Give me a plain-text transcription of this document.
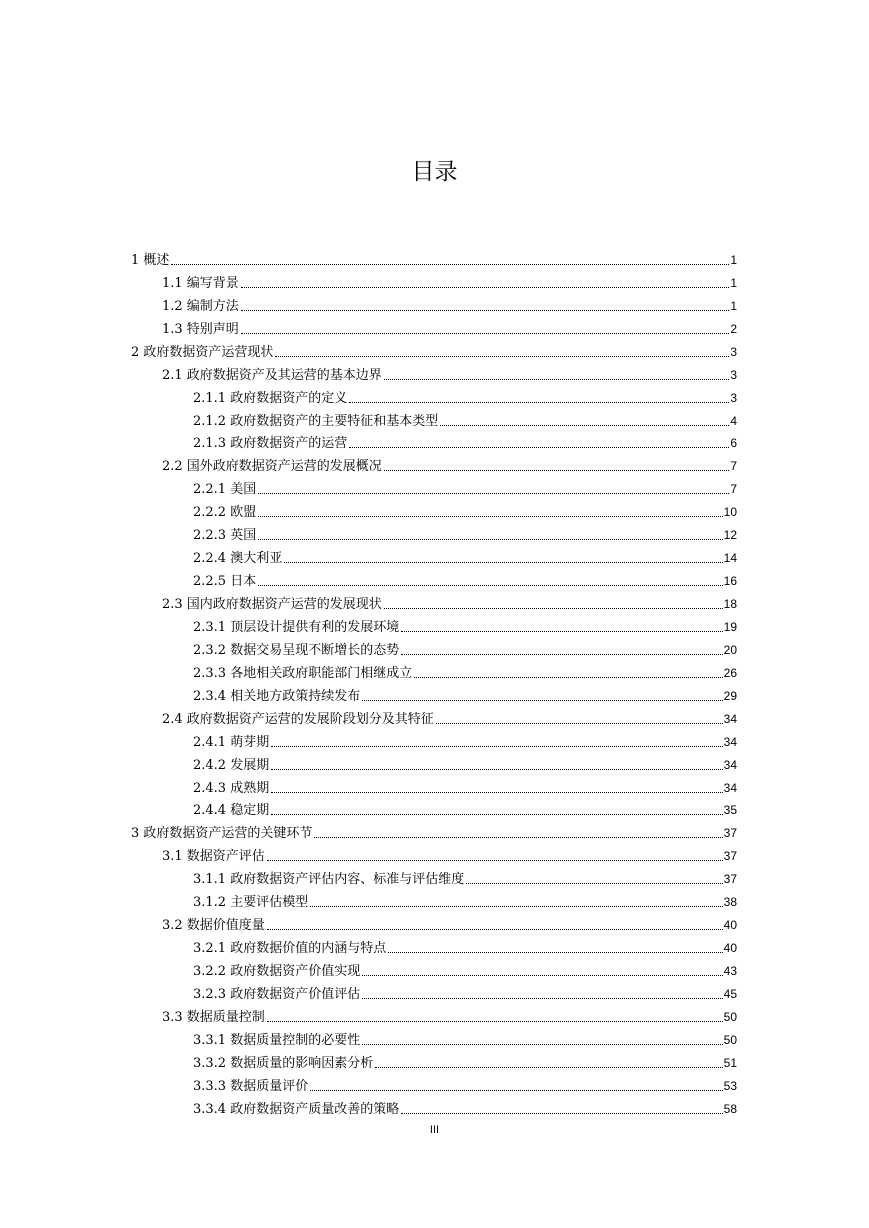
目录
1 概述	1
1.1 编写背景	1
1.2 编制方法	1
1.3 特别声明	2
2 政府数据资产运营现状	3
2.1 政府数据资产及其运营的基本边界	3
2.1.1 政府数据资产的定义	3
2.1.2 政府数据资产的主要特征和基本类型	4
2.1.3 政府数据资产的运营	6
2.2 国外政府数据资产运营的发展概况	7
2.2.1 美国	7
2.2.2 欧盟	10
2.2.3 英国	12
2.2.4 澳大利亚	14
2.2.5 日本	16
2.3 国内政府数据资产运营的发展现状	18
2.3.1 顶层设计提供有利的发展环境	19
2.3.2 数据交易呈现不断增长的态势	20
2.3.3 各地相关政府职能部门相继成立	26
2.3.4 相关地方政策持续发布	29
2.4 政府数据资产运营的发展阶段划分及其特征	34
2.4.1 萌芽期	34
2.4.2 发展期	34
2.4.3 成熟期	34
2.4.4 稳定期	35
3 政府数据资产运营的关键环节	37
3.1 数据资产评估	37
3.1.1 政府数据资产评估内容、标准与评估维度	37
3.1.2 主要评估模型	38
3.2 数据价值度量	40
3.2.1 政府数据价值的内涵与特点	40
3.2.2 政府数据资产价值实现	43
3.2.3 政府数据资产价值评估	45
3.3 数据质量控制	50
3.3.1 数据质量控制的必要性	50
3.3.2 数据质量的影响因素分析	51
3.3.3 数据质量评价	53
3.3.4 政府数据资产质量改善的策略	58
III
